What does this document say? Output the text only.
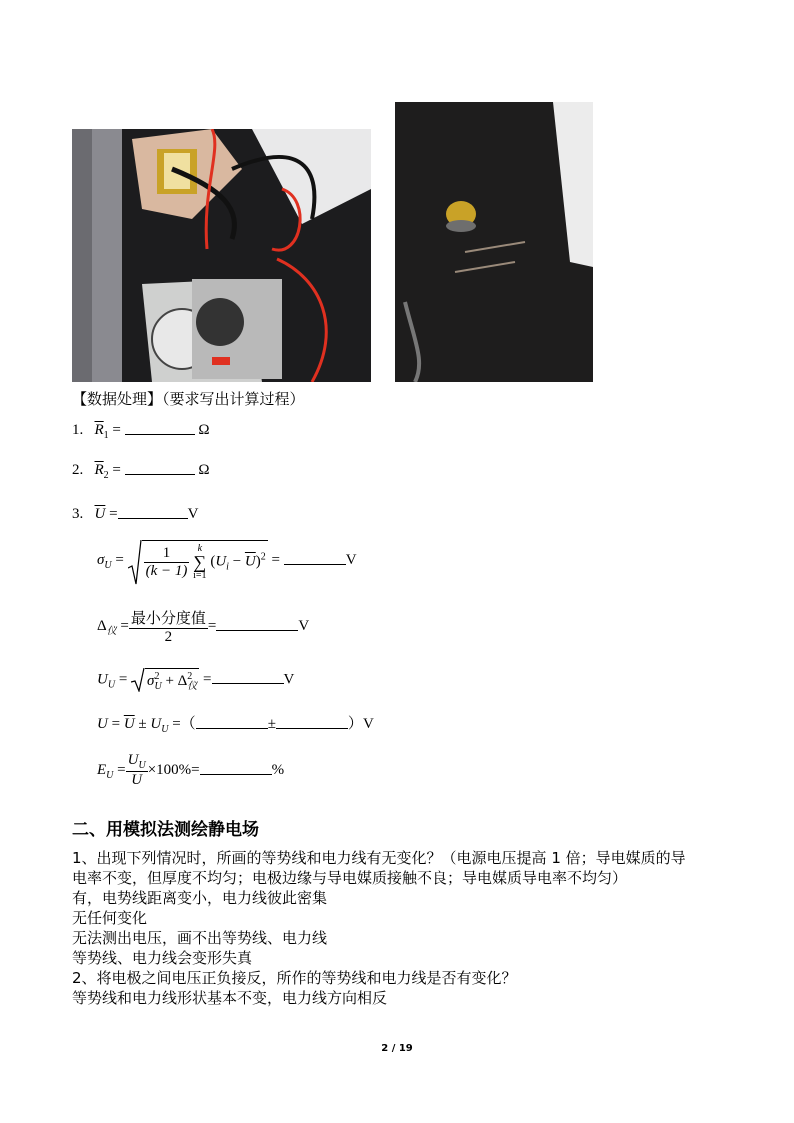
【数据处理】（要求写出计算过程）
1. $\overline{R}_1$ =	Ω
2. $\overline{R}_2$ =	Ω
3. $\overline{U}$ =	V
$\sigma_U = \frac{1}{(k - 1)}$
k
∑
i=1
$(U_i - \overline{U})^2$ =	V
$\Delta_仪 = \frac{\text{最小分度值}}{2}$ =	V
$U_U$ =
$\sigma^2_U + \Delta^2_仪$ =	V
$U = \overline{U} \pm U_U$ =（	±	）V
$E_U = \frac{U_U}{U} \times 100\%=$	%
二、用模拟法测绘静电场
1、出现下列情况时，所画的等势线和电力线有无变化？（电源电压提高 1 倍；导电媒质的导
电率不变，但厚度不均匀；电极边缘与导电媒质接触不良；导电媒质导电率不均匀）
有，电势线距离变小，电力线彼此密集
无任何变化
无法测出电压，画不出等势线、电力线
等势线、电力线会变形失真
2、将电极之间电压正负接反，所作的等势线和电力线是否有变化？
等势线和电力线形状基本不变，电力线方向相反
2 / 19
